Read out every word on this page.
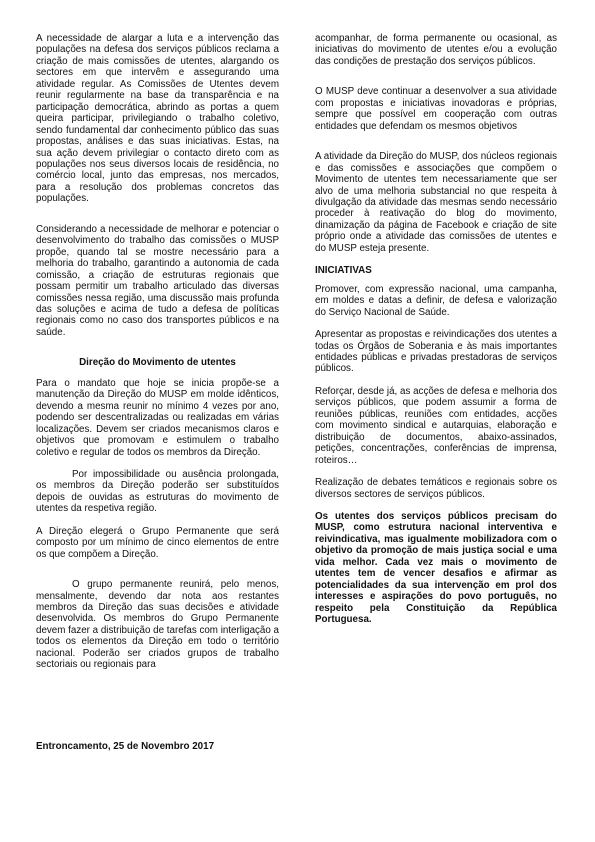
A necessidade de alargar a luta e a intervenção das populações na defesa dos serviços públicos reclama a criação de mais comissões de utentes, alargando os sectores em que intervêm e assegurando uma atividade regular. As Comissões de Utentes devem reunir regularmente na base da transparência e na participação democrática, abrindo as portas a quem queira participar, privilegiando o trabalho coletivo, sendo fundamental dar conhecimento público das suas propostas, análises e das suas iniciativas. Estas, na sua ação devem privilegiar o contacto direto com as populações nos seus diversos locais de residência, no comércio local, junto das empresas, nos mercados, para a resolução dos problemas concretos das populações.

Considerando a necessidade de melhorar e potenciar o desenvolvimento do trabalho das comissões o MUSP propõe, quando tal se mostre necessário para a melhoria do trabalho, garantindo a autonomia de cada comissão, a criação de estruturas regionais que possam permitir um trabalho articulado das diversas comissões nessa região, uma discussão mais profunda das soluções e acima de tudo a defesa de políticas regionais como no caso dos transportes públicos e na saúde.

Direção do Movimento de utentes

Para o mandato que hoje se inicia propõe-se a manutenção da Direção do MUSP em molde idênticos, devendo a mesma reunir no mínimo 4 vezes por ano, podendo ser descentralizadas ou realizadas em várias localizações. Devem ser criados mecanismos claros e objetivos que promovam e estimulem o trabalho coletivo e regular de todos os membros da Direção.

Por impossibilidade ou ausência prolongada, os membros da Direção poderão ser substituídos depois de ouvidas as estruturas do movimento de utentes da respetiva região.

A Direção elegerá o Grupo Permanente que será composto por um mínimo de cinco elementos de entre os que compõem a Direção.

O grupo permanente reunirá, pelo menos, mensalmente, devendo dar nota aos restantes membros da Direção das suas decisões e atividade desenvolvida. Os membros do Grupo Permanente devem fazer a distribuição de tarefas com interligação a todos os elementos da Direção em todo o território nacional. Poderão ser criados grupos de trabalho sectoriais ou regionais para

acompanhar, de forma permanente ou ocasional, as iniciativas do movimento de utentes e/ou a evolução das condições de prestação dos serviços públicos.

O MUSP deve continuar a desenvolver a sua atividade com propostas e iniciativas inovadoras e próprias, sempre que possível em cooperação com outras entidades que defendam os mesmos objetivos

A atividade da Direção do MUSP, dos núcleos regionais e das comissões e associações que compõem o Movimento de utentes tem necessariamente que ser alvo de uma melhoria substancial no que respeita à divulgação da atividade das mesmas sendo necessário proceder à reativação do blog do movimento, dinamização da página de Facebook e criação de site próprio onde a atividade das comissões de utentes e do MUSP esteja presente.

INICIATIVAS

Promover, com expressão nacional, uma campanha, em moldes e datas a definir, de defesa e valorização do Serviço Nacional de Saúde.

Apresentar as propostas e reivindicações dos utentes a todas os Órgãos de Soberania e às mais importantes entidades públicas e privadas prestadoras de serviços públicos.

Reforçar, desde já, as acções de defesa e melhoria dos serviços públicos, que podem assumir a forma de reuniões públicas, reuniões com entidades, acções com movimento sindical e autarquias, elaboração e distribuição de documentos, abaixo-assinados, petições, concentrações, conferências de imprensa, roteiros…

Realização de debates temáticos e regionais sobre os diversos sectores de serviços públicos.

Os utentes dos serviços públicos precisam do MUSP, como estrutura nacional interventiva e reivindicativa, mas igualmente mobilizadora com o objetivo da promoção de mais justiça social e uma vida melhor. Cada vez mais o movimento de utentes tem de vencer desafios e afirmar as potencialidades da sua intervenção em prol dos interesses e aspirações do povo português, no respeito pela Constituição da República Portuguesa.

Entroncamento, 25 de Novembro 2017
